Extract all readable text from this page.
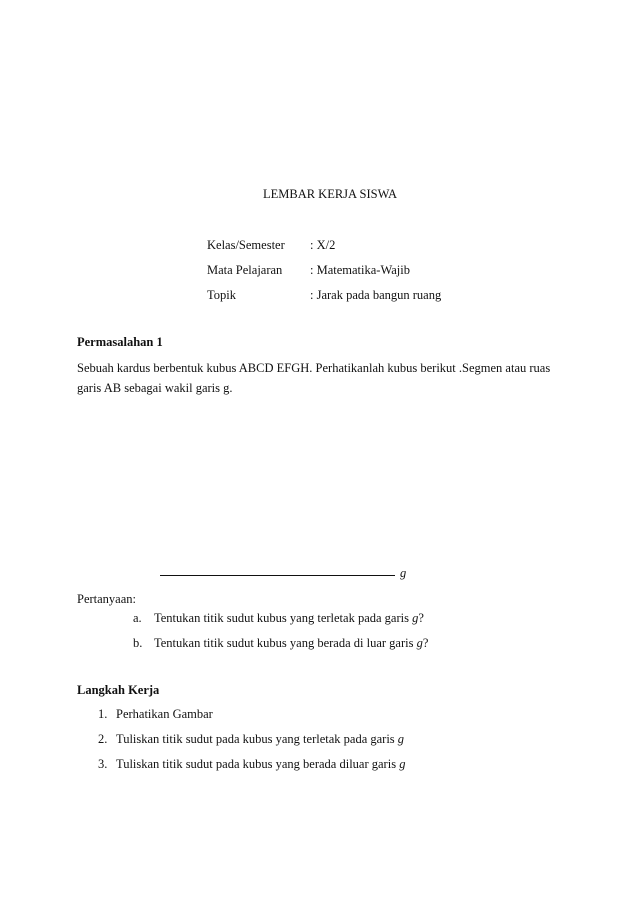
LEMBAR KERJA SISWA
Kelas/Semester : X/2
Mata Pelajaran : Matematika-Wajib
Topik	: Jarak pada bangun ruang
Permasalahan 1
Sebuah kardus berbentuk kubus ABCD EFGH. Perhatikanlah kubus berikut .Segmen atau ruas garis AB sebagai wakil garis g.
g
Pertanyaan:
a. Tentukan titik sudut kubus yang terletak pada garis g?
b. Tentukan titik sudut kubus yang berada di luar garis g?
Langkah Kerja
1. Perhatikan Gambar
2. Tuliskan titik sudut pada kubus yang terletak pada garis g
3. Tuliskan titik sudut pada kubus yang berada diluar garis g
